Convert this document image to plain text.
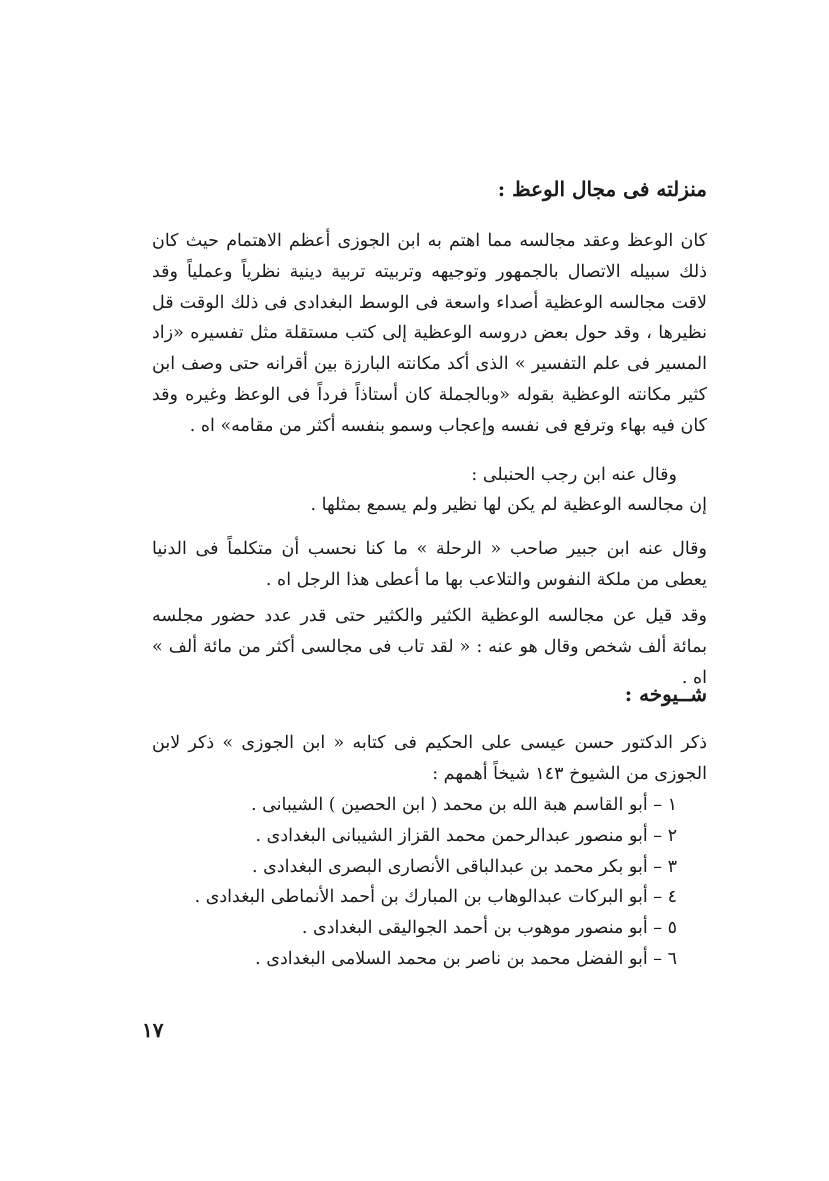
منزلته فى مجال الوعظ :

كان الوعظ وعقد مجالسه مما اهتم به ابن الجوزى أعظم الاهتمام حيث كان ذلك سبيله الاتصال بالجمهور وتوجيهه وتربيته تربية دينية نظرياً وعملياً وقد لاقت مجالسه الوعظية أصداء واسعة فى الوسط البغدادى فى ذلك الوقت قل نظيرها ، وقد حول بعض دروسه الوعظية إلى كتب مستقلة مثل تفسيره «زاد المسير فى علم التفسير » الذى أكد مكانته البارزة بين أقرانه حتى وصف ابن كثير مكانته الوعظية بقوله «وبالجملة كان أستاذاً فرداً فى الوعظ وغيره وقد كان فيه بهاء وترفع فى نفسه وإعجاب وسمو بنفسه أكثر من مقامه» اه .

وقال عنه ابن رجب الحنبلى :
إن مجالسه الوعظية لم يكن لها نظير ولم يسمع بمثلها .

وقال عنه ابن جبير صاحب « الرحلة » ما كنا نحسب أن متكلماً فى الدنيا يعطى من ملكة النفوس والتلاعب بها ما أعطى هذا الرجل اه .

وقد قيل عن مجالسه الوعظية الكثير والكثير حتى قدر عدد حضور مجلسه بمائة ألف شخص وقال هو عنه : « لقد تاب فى مجالسى أكثر من مائة ألف » اه .

شــيوخه :

ذكر الدكتور حسن عيسى على الحكيم فى كتابه « ابن الجوزى » ذكر لابن الجوزى من الشيوخ ١٤٣ شيخاً أهمهم :

١ – أبو القاسم هبة الله بن محمد ( ابن الحصين ) الشيبانى .
٢ – أبو منصور عبدالرحمن محمد القزاز الشيبانى البغدادى .
٣ – أبو بكر محمد بن عبدالباقى الأنصارى البصرى البغدادى .
٤ – أبو البركات عبدالوهاب بن المبارك بن أحمد الأنماطى البغدادى .
٥ – أبو منصور موهوب بن أحمد الجواليقى البغدادى .
٦ – أبو الفضل محمد بن ناصر بن محمد السلامى البغدادى .
١٧
